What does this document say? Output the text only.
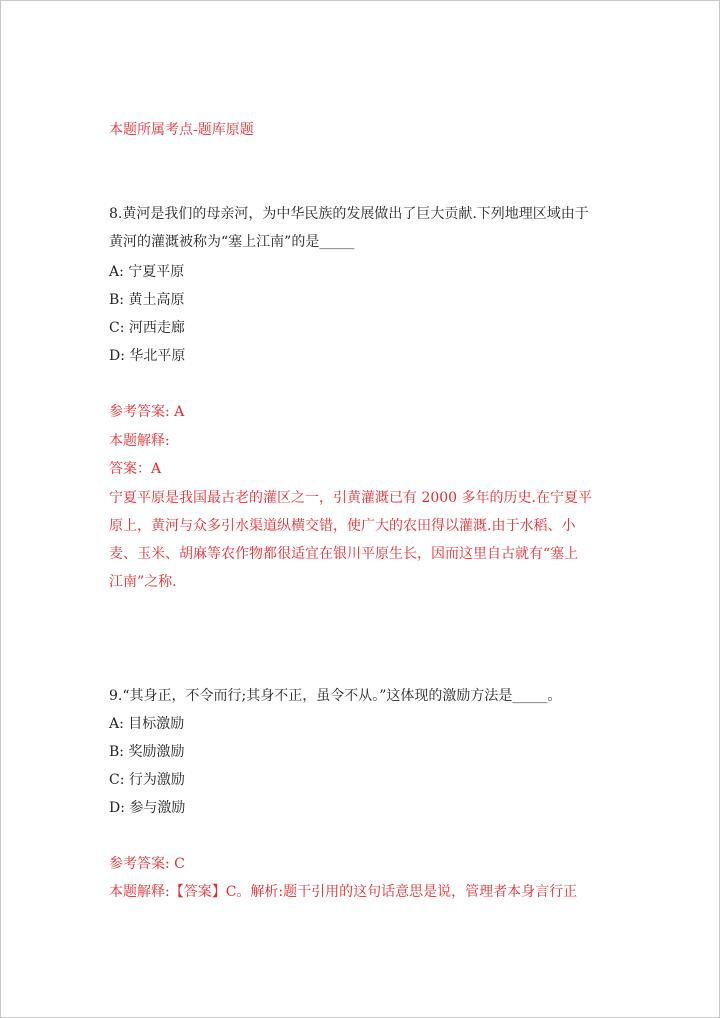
本题所属考点-题库原题
8.黄河是我们的母亲河，为中华民族的发展做出了巨大贡献.下列地理区域由于
黄河的灌溉被称为“塞上江南”的是_____
A: 宁夏平原
B: 黄土高原
C: 河西走廊
D: 华北平原
参考答案: A
本题解释:
答案：A
宁夏平原是我国最古老的灌区之一，引黄灌溉已有 2000 多年的历史.在宁夏平
原上，黄河与众多引水渠道纵横交错，使广大的农田得以灌溉.由于水稻、小
麦、玉米、胡麻等农作物都很适宜在银川平原生长，因而这里自古就有“塞上
江南”之称.
9.“其身正，不令而行;其身不正，虽令不从。”这体现的激励方法是_____。
A: 目标激励
B: 奖励激励
C: 行为激励
D: 参与激励
参考答案: C
本题解释:【答案】C。解析:题干引用的这句话意思是说，管理者本身言行正
